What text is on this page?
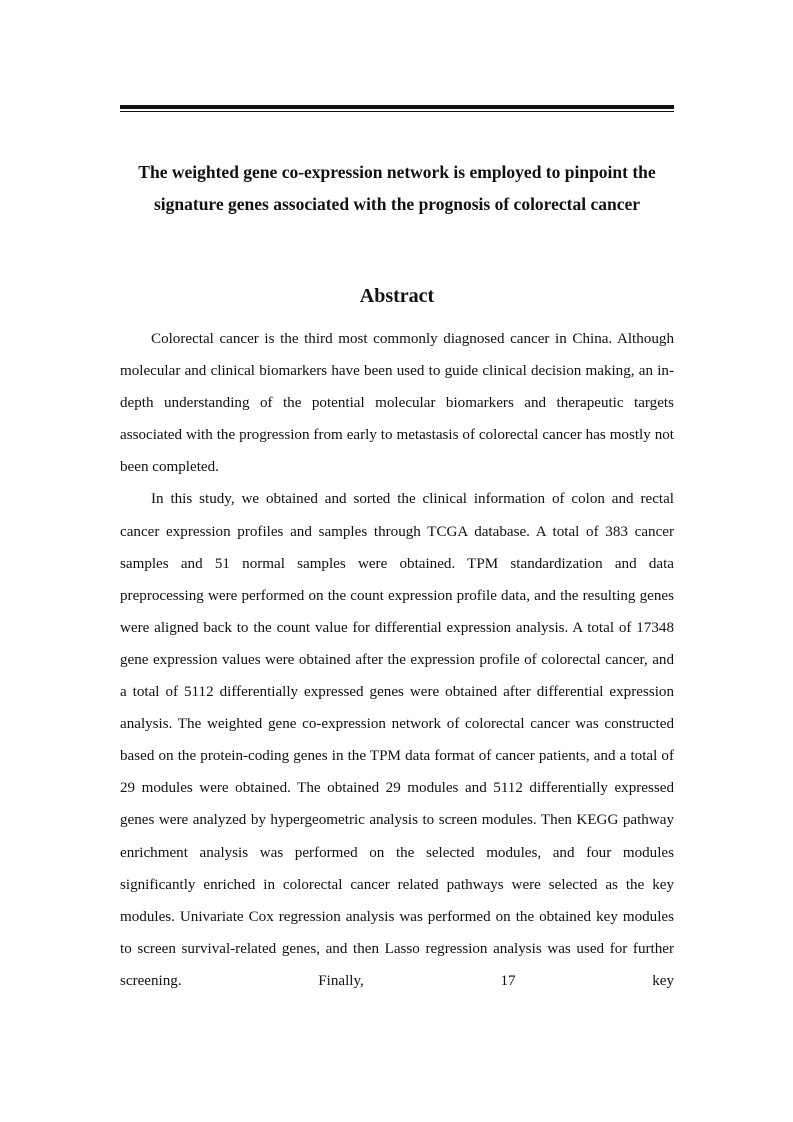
The weighted gene co-expression network is employed to pinpoint the signature genes associated with the prognosis of colorectal cancer
Abstract

Colorectal cancer is the third most commonly diagnosed cancer in China. Although molecular and clinical biomarkers have been used to guide clinical decision making, an in-depth understanding of the potential molecular biomarkers and therapeutic targets associated with the progression from early to metastasis of colorectal cancer has mostly not been completed.

In this study, we obtained and sorted the clinical information of colon and rectal cancer expression profiles and samples through TCGA database. A total of 383 cancer samples and 51 normal samples were obtained. TPM standardization and data preprocessing were performed on the count expression profile data, and the resulting genes were aligned back to the count value for differential expression analysis. A total of 17348 gene expression values were obtained after the expression profile of colorectal cancer, and a total of 5112 differentially expressed genes were obtained after differential expression analysis. The weighted gene co-expression network of colorectal cancer was constructed based on the protein-coding genes in the TPM data format of cancer patients, and a total of 29 modules were obtained. The obtained 29 modules and 5112 differentially expressed genes were analyzed by hypergeometric analysis to screen modules. Then KEGG pathway enrichment analysis was performed on the selected modules, and four modules significantly enriched in colorectal cancer related pathways were selected as the key modules. Univariate Cox regression analysis was performed on the obtained key modules to screen survival-related genes, and then Lasso regression analysis was used for further screening. Finally, 17 key
